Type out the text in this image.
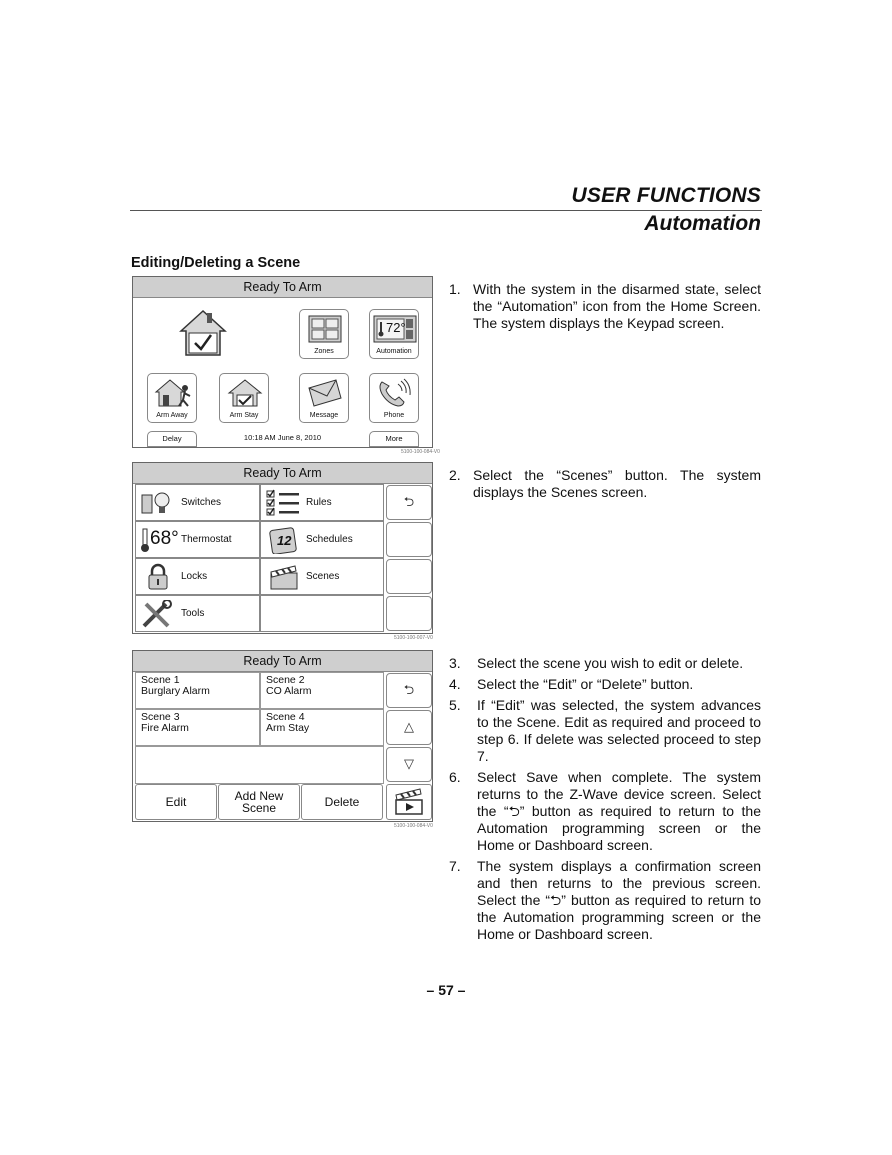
USER FUNCTIONS
Automation
Editing/Deleting a Scene
Ready To Arm
Zones
72°
Automation
Arm Away	Arm Stay	Message	Phone
Delay	10:18 AM June 8, 2010	More
5100-100-084-V0
Ready To Arm
Switches	Rules	⮌
68° Thermostat	12 Schedules
Locks	Scenes
Tools
5100-100-007-V0
Ready To Arm
Scene 1
Burglary Alarm
Scene 2
CO Alarm	⮌
Scene 3
Fire Alarm
Scene 4
Arm Stay	△
▽
Edit	Add New
Scene	Delete
5100-100-084-V0
1. With the system in the disarmed state, select the “Automation” icon from the Home Screen. The system displays the Keypad screen.
2. Select the “Scenes” button. The system displays the Scenes screen.
3. Select the scene you wish to edit or delete.
4. Select the “Edit” or “Delete” button.
5. If “Edit” was selected, the system advances to the Scene. Edit as required and proceed to step 6. If delete was selected proceed to step 7.
6. Select Save when complete. The system returns to the Z-Wave device screen. Select the “⮌” button as required to return to the Automation programming screen or the Home or Dashboard screen.
7. The system displays a confirmation screen and then returns to the previous screen. Select the “⮌” button as required to return to the Automation programming screen or the Home or Dashboard screen.
– 57 –
